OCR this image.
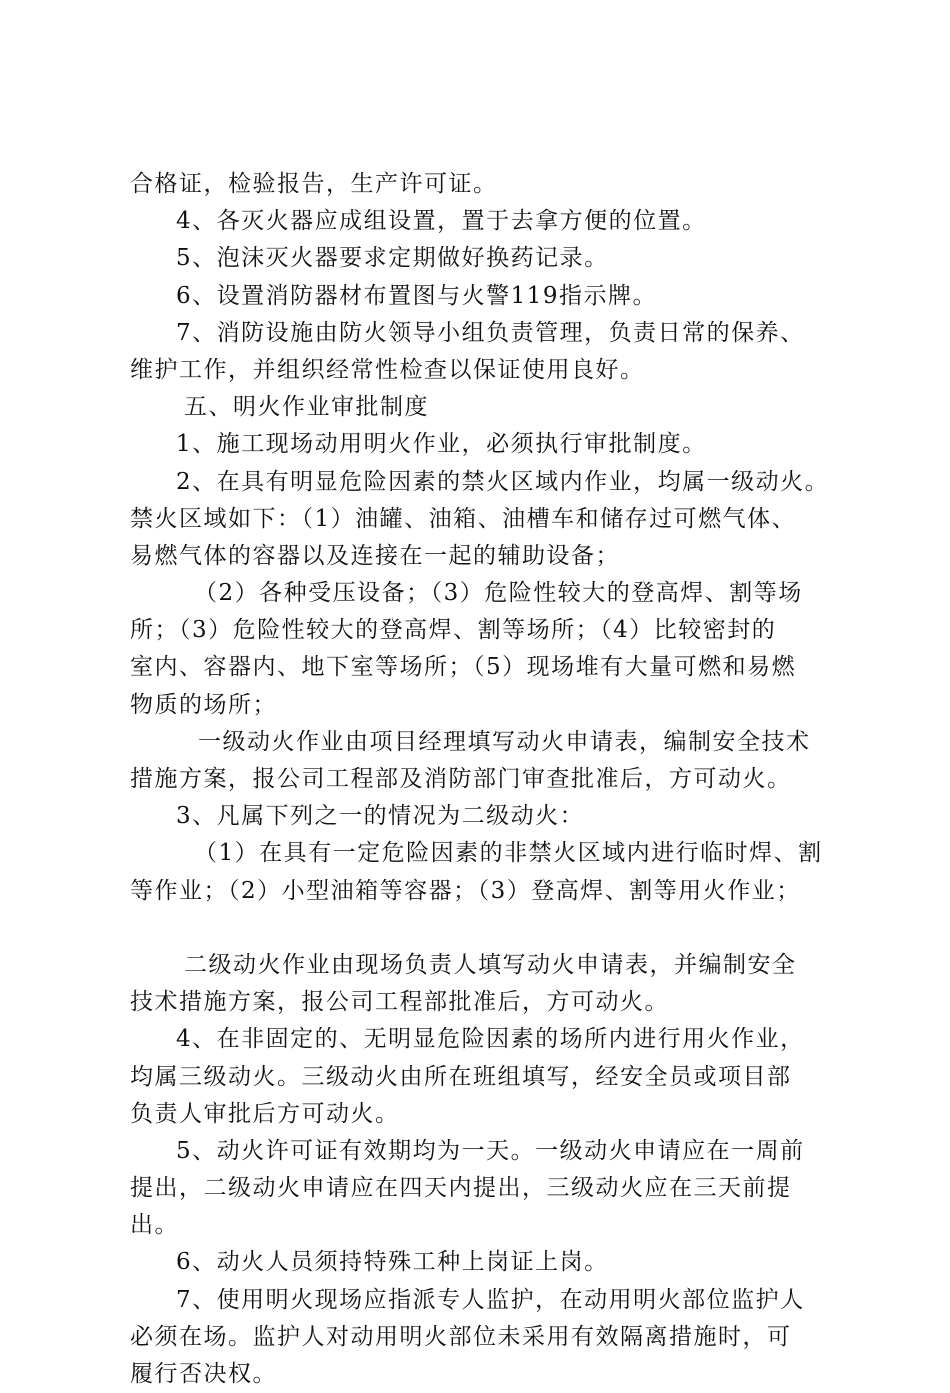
合格证，检验报告，生产许可证。
4、各灭火器应成组设置，置于去拿方便的位置。
5、泡沫灭火器要求定期做好换药记录。
6、设置消防器材布置图与火警119指示牌。
7、消防设施由防火领导小组负责管理，负责日常的保养、
维护工作，并组织经常性检查以保证使用良好。
五、明火作业审批制度
1、施工现场动用明火作业，必须执行审批制度。
2、在具有明显危险因素的禁火区域内作业，均属一级动火。
禁火区域如下：（1）油罐、油箱、油槽车和储存过可燃气体、
易燃气体的容器以及连接在一起的辅助设备；
（2）各种受压设备；（3）危险性较大的登高焊、割等场
所；（3）危险性较大的登高焊、割等场所；（4）比较密封的
室内、容器内、地下室等场所；（5）现场堆有大量可燃和易燃
物质的场所；
一级动火作业由项目经理填写动火申请表，编制安全技术
措施方案，报公司工程部及消防部门审查批准后，方可动火。
3、凡属下列之一的情况为二级动火：
（1）在具有一定危险因素的非禁火区域内进行临时焊、割
等作业；（2）小型油箱等容器；（3）登高焊、割等用火作业；
二级动火作业由现场负责人填写动火申请表，并编制安全
技术措施方案，报公司工程部批准后，方可动火。
4、在非固定的、无明显危险因素的场所内进行用火作业，
均属三级动火。三级动火由所在班组填写，经安全员或项目部
负责人审批后方可动火。
5、动火许可证有效期均为一天。一级动火申请应在一周前
提出，二级动火申请应在四天内提出，三级动火应在三天前提
出。
6、动火人员须持特殊工种上岗证上岗。
7、使用明火现场应指派专人监护，在动用明火部位监护人
必须在场。监护人对动用明火部位未采用有效隔离措施时，可
履行否决权。
